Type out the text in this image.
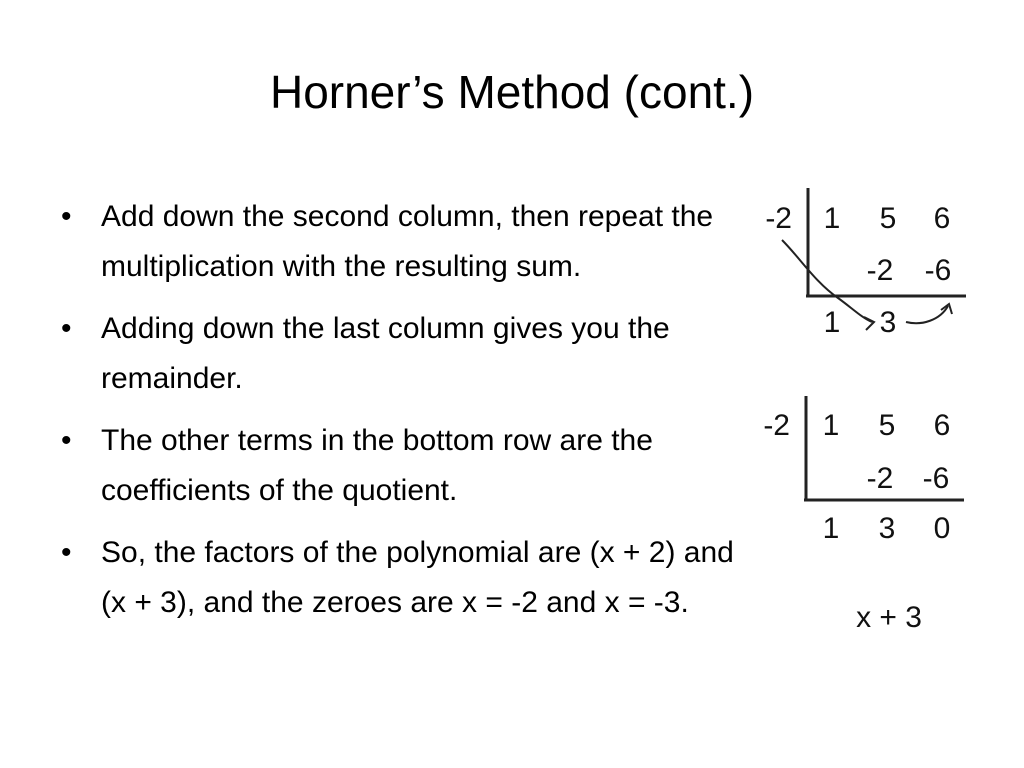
Horner’s Method (cont.)
• Add down the second column, then repeat the multiplication with the resulting sum.
• Adding down the last column gives you the remainder.
• The other terms in the bottom row are the coefficients of the quotient.
• So, the factors of the polynomial are (x + 2) and (x + 3), and the zeroes are x = -2 and x = -3.
-2 1 5 6
-2 -6
1 3
-2 1 5 6
-2 -6
1 3 0
x + 3
